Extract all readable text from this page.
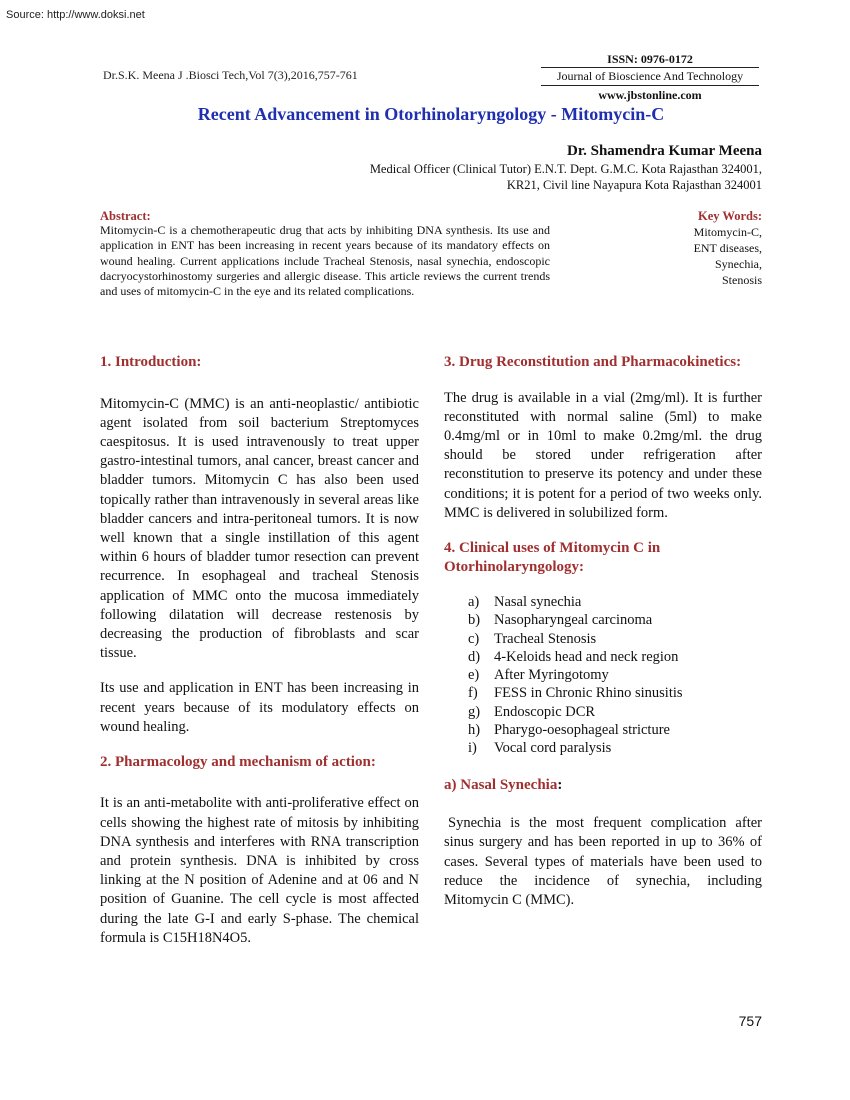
Source: http://www.doksi.net
Dr.S.K. Meena J .Biosci Tech,Vol 7(3),2016,757-761
ISSN: 0976-0172
Journal of Bioscience And Technology
www.jbstonline.com
Recent Advancement in Otorhinolaryngology - Mitomycin-C
Dr. Shamendra Kumar Meena
Medical Officer (Clinical Tutor) E.N.T. Dept. G.M.C. Kota Rajasthan 324001,
KR21, Civil line Nayapura Kota Rajasthan 324001
Abstract:
Mitomycin-C is a chemotherapeutic drug that acts by inhibiting DNA synthesis. Its use and application in ENT has been increasing in recent years because of its mandatory effects on wound healing. Current applications include Tracheal Stenosis, nasal synechia, endoscopic dacryocystorhinostomy surgeries and allergic disease. This article reviews the current trends and uses of mitomycin-C in the eye and its related complications.
Key Words:
Mitomycin-C,
ENT diseases,
Synechia,
Stenosis
1. Introduction:

Mitomycin-C (MMC) is an anti-neoplastic/ antibiotic agent isolated from soil bacterium Streptomyces caespitosus. It is used intravenously to treat upper gastro-intestinal tumors, anal cancer, breast cancer and bladder tumors. Mitomycin C has also been used topically rather than intravenously in several areas like bladder cancers and intra-peritoneal tumors. It is now well known that a single instillation of this agent within 6 hours of bladder tumor resection can prevent recurrence. In esophageal and tracheal Stenosis application of MMC onto the mucosa immediately following dilatation will decrease restenosis by decreasing the production of fibroblasts and scar tissue.

Its use and application in ENT has been increasing in recent years because of its modulatory effects on wound healing.

2. Pharmacology and mechanism of action:

It is an anti-metabolite with anti-proliferative effect on cells showing the highest rate of mitosis by inhibiting DNA synthesis and interferes with RNA transcription and protein synthesis. DNA is inhibited by cross linking at the N position of Adenine and at 06 and N position of Guanine. The cell cycle is most affected during the late G-I and early S-phase. The chemical formula is C15H18N4O5.

3. Drug Reconstitution and Pharmacokinetics:

The drug is available in a vial (2mg/ml). It is further reconstituted with normal saline (5ml) to make 0.4mg/ml or in 10ml to make 0.2mg/ml. the drug should be stored under refrigeration after reconstitution to preserve its potency and under these conditions; it is potent for a period of two weeks only. MMC is delivered in solubilized form.

4. Clinical uses of Mitomycin C in Otorhinolaryngology:
a)	Nasal synechia
b) Nasopharyngeal carcinoma
c)	Tracheal Stenosis
d) 4-Keloids head and neck region
e)	After Myringotomy
f)	FESS in Chronic Rhino sinusitis
g) Endoscopic DCR
h) Pharygo-oesophageal stricture
i)	Vocal cord paralysis
a) Nasal Synechia:

Synechia is the most frequent complication after sinus surgery and has been reported in up to 36% of cases. Several types of materials have been used to reduce the incidence of synechia, including Mitomycin C (MMC).

757
